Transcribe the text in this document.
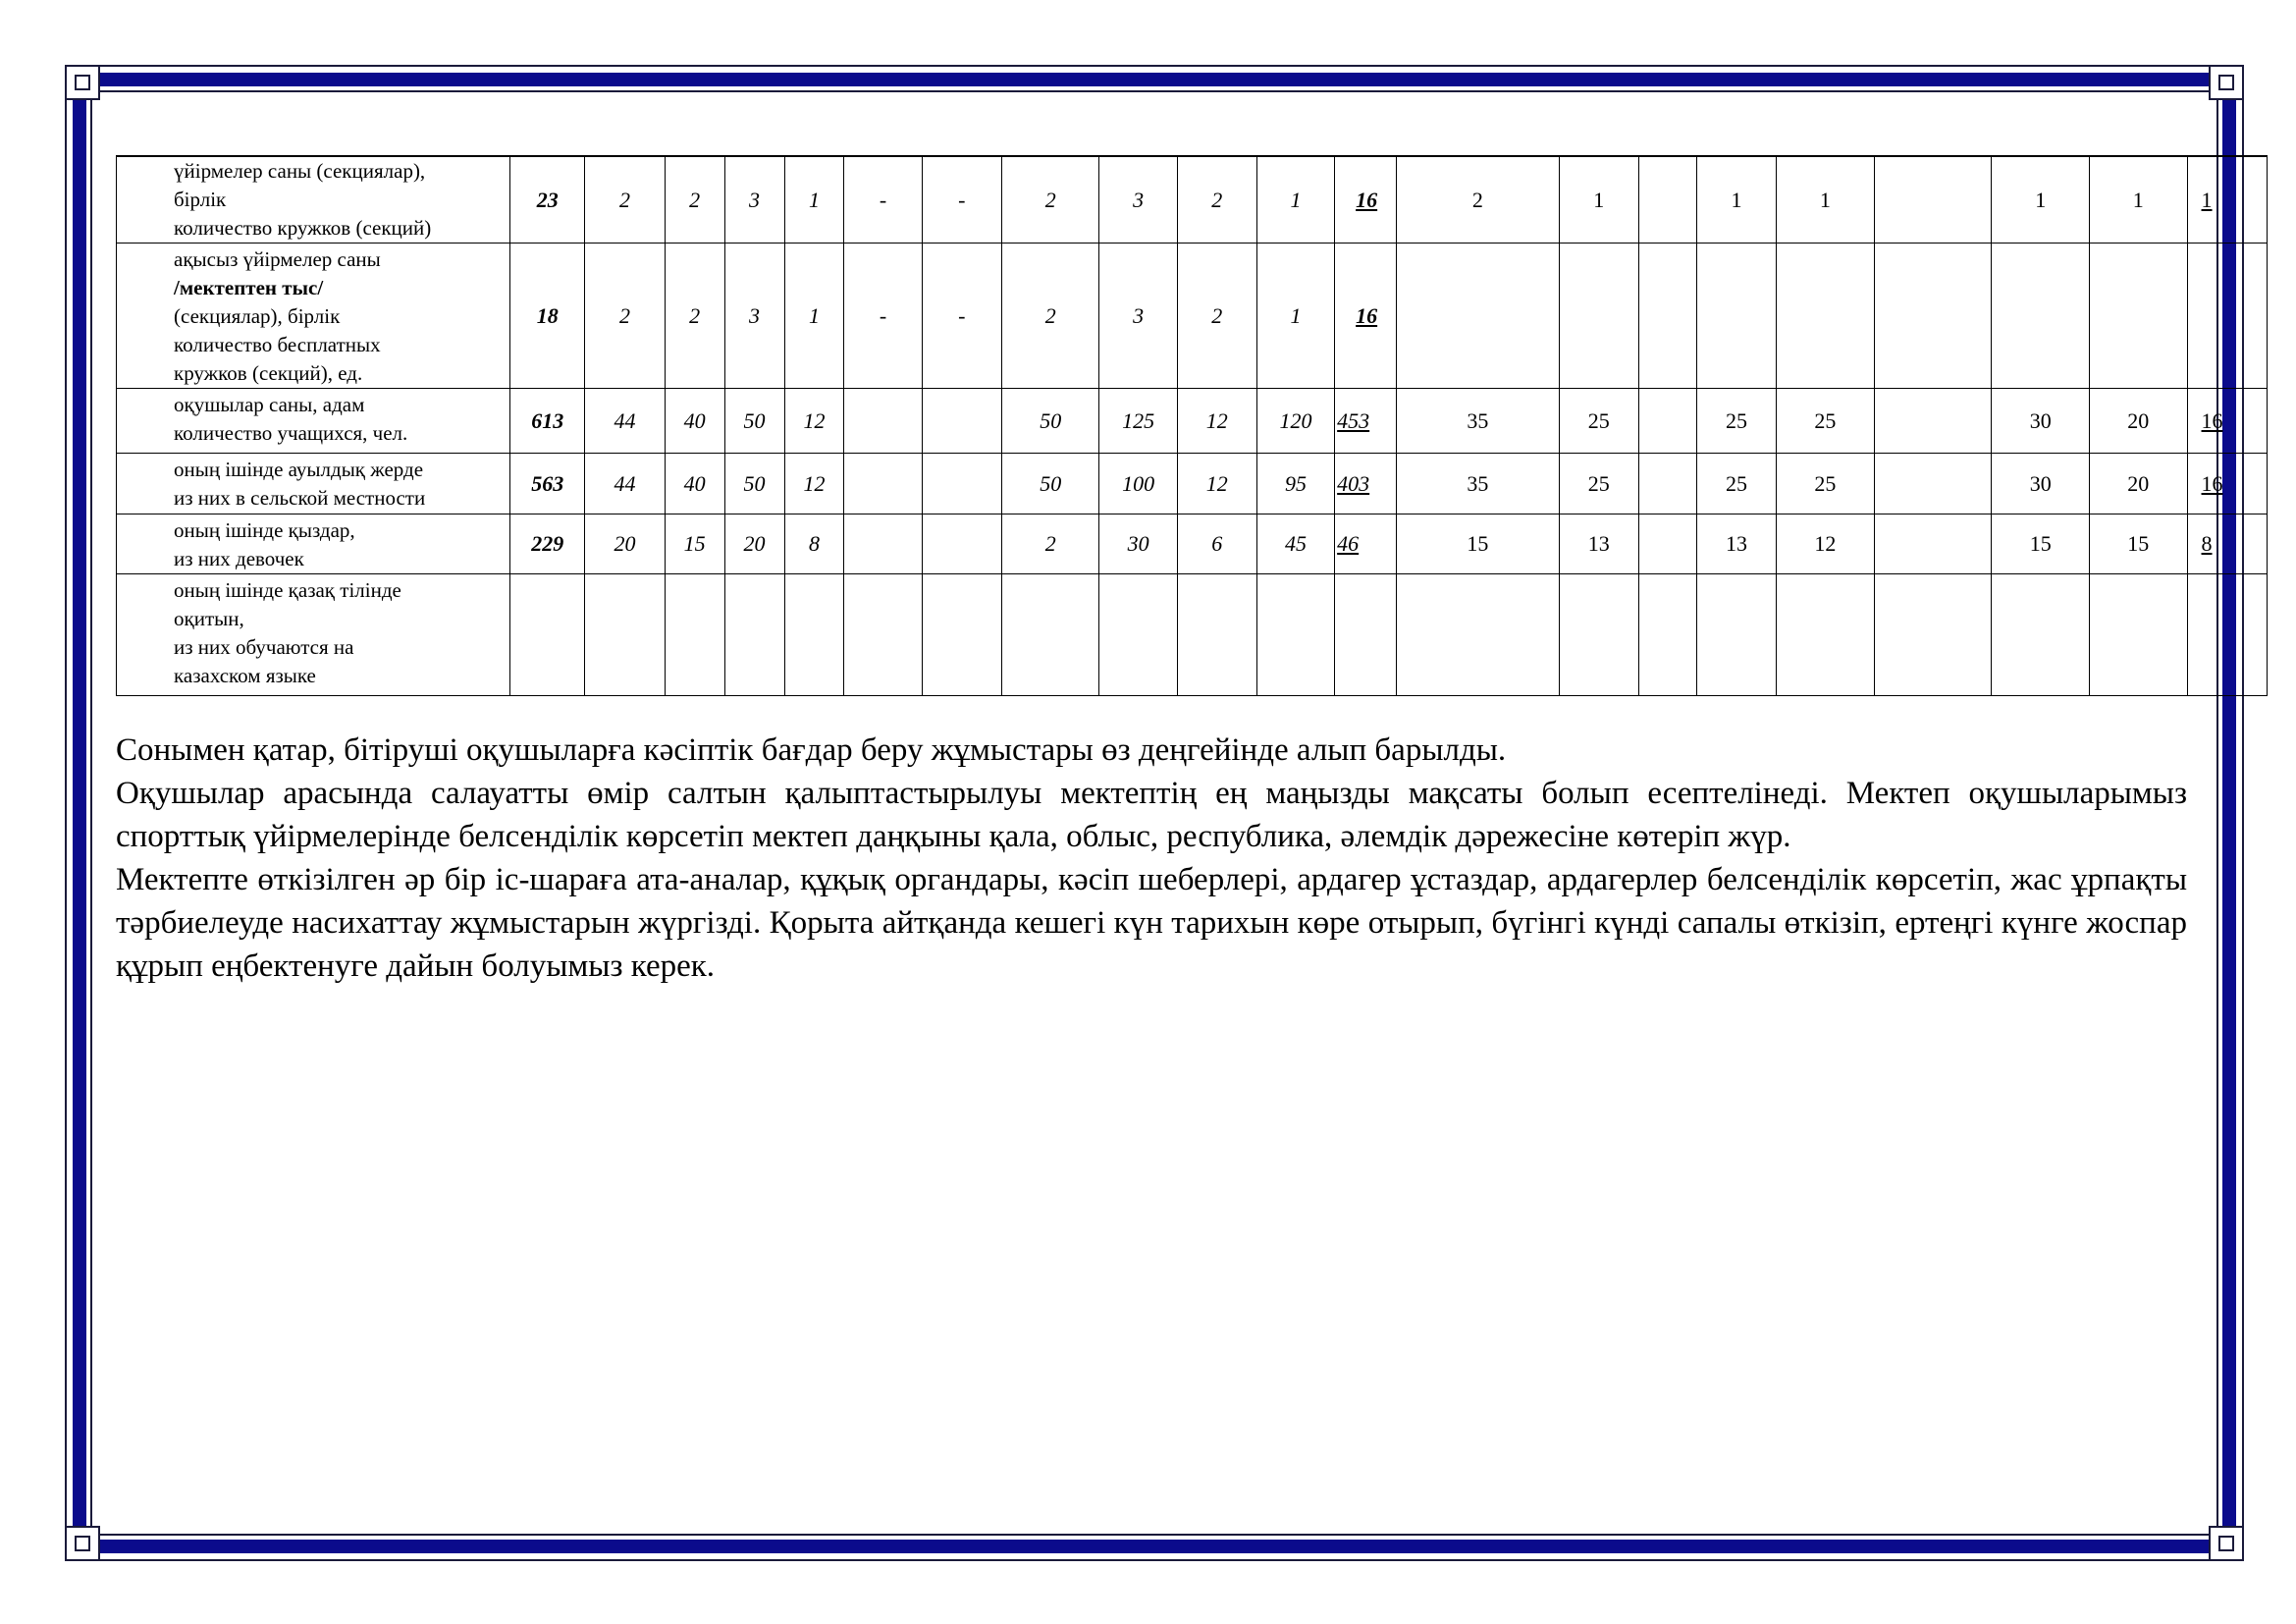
үйірмелер саны (секциялар),
бірлік
количество кружков (секций)	23	2	2	3	1	-	-	2	3	2	1	16	2	1		1	1		1	1	1

ақысыз үйірмелер саны
/мектептен тыс/
(секциялар), бірлік
количество бесплатных
кружков (секций), ед.	18	2	2	3	1	-	-	2	3	2	1	16									

оқушылар саны, адам
количество учащихся, чел.	613	44	40	50	12			50	125	12	120	453	35	25		25	25		30	20	16

оның ішінде ауылдық жерде
из них в сельской местности	563	44	40	50	12			50	100	12	95	403	35	25		25	25		30	20	16

оның ішінде қыздар,
из них девочек	229	20	15	20	8			2	30	6	45	46	15	13		13	12		15	15	8

оның ішінде қазақ тілінде
оқитын,
из них обучаются на
казахском языке																					

Сонымен қатар, бітіруші оқушыларға кәсіптік бағдар беру жұмыстары өз деңгейінде алып барылды.

Оқушылар арасында салауатты өмір салтын қалыптастырылуы мектептің ең маңызды мақсаты болып есептелінеді. Мектеп оқушыларымыз спорттық үйірмелерінде белсенділік көрсетіп мектеп даңқыны қала, облыс, республика, әлемдік дәрежесіне көтеріп жүр.

Мектепте өткізілген әр бір іс-шараға ата-аналар, құқық органдары, кәсіп шеберлері, ардагер ұстаздар, ардагерлер белсенділік көрсетіп, жас ұрпақты тәрбиелеуде насихаттау жұмыстарын жүргізді. Қорыта айтқанда кешегі күн тарихын көре отырып, бүгінгі күнді сапалы өткізіп, ертеңгі күнге жоспар құрып еңбектенуге дайын болуымыз керек.
